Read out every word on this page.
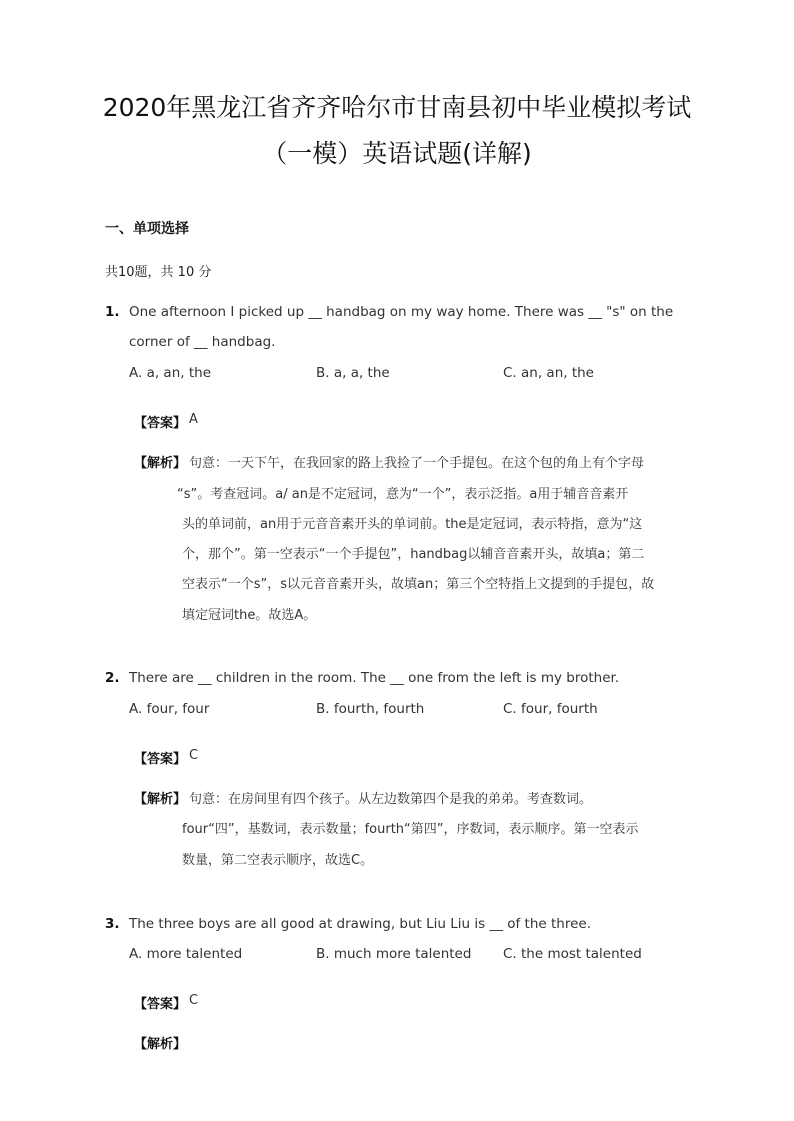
2020年黑龙江省齐齐哈尔市甘南县初中毕业模拟考试
（一模）英语试题(详解)
一、单项选择
共10题，共 10 分
1. One afternoon I picked up __ handbag on my way home. There was __ "s" on the
corner of __ handbag.
A. a, an, the	B. a, a, the	C. an, an, the
【答案】 A
【解析】 句意：一天下午，在我回家的路上我捡了一个手提包。在这个包的角上有个字母
“s”。考查冠词。a/ an是不定冠词，意为“一个”，表示泛指。a用于辅音音素开
头的单词前，an用于元音音素开头的单词前。the是定冠词，表示特指，意为“这
个，那个”。第一空表示“一个手提包”，handbag以辅音音素开头，故填a；第二
空表示“一个s”，s以元音音素开头，故填an；第三个空特指上文提到的手提包，故
填定冠词the。故选A。
2. There are __ children in the room. The __ one from the left is my brother.
A. four, four	B. fourth, fourth	C. four, fourth
【答案】 C
【解析】 句意：在房间里有四个孩子。从左边数第四个是我的弟弟。考查数词。
four“四”，基数词，表示数量；fourth“第四”，序数词，表示顺序。第一空表示
数量，第二空表示顺序，故选C。
3. The three boys are all good at drawing, but Liu Liu is __ of the three.
A. more talented	B. much more talented C. the most talented
【答案】 C
【解析】
